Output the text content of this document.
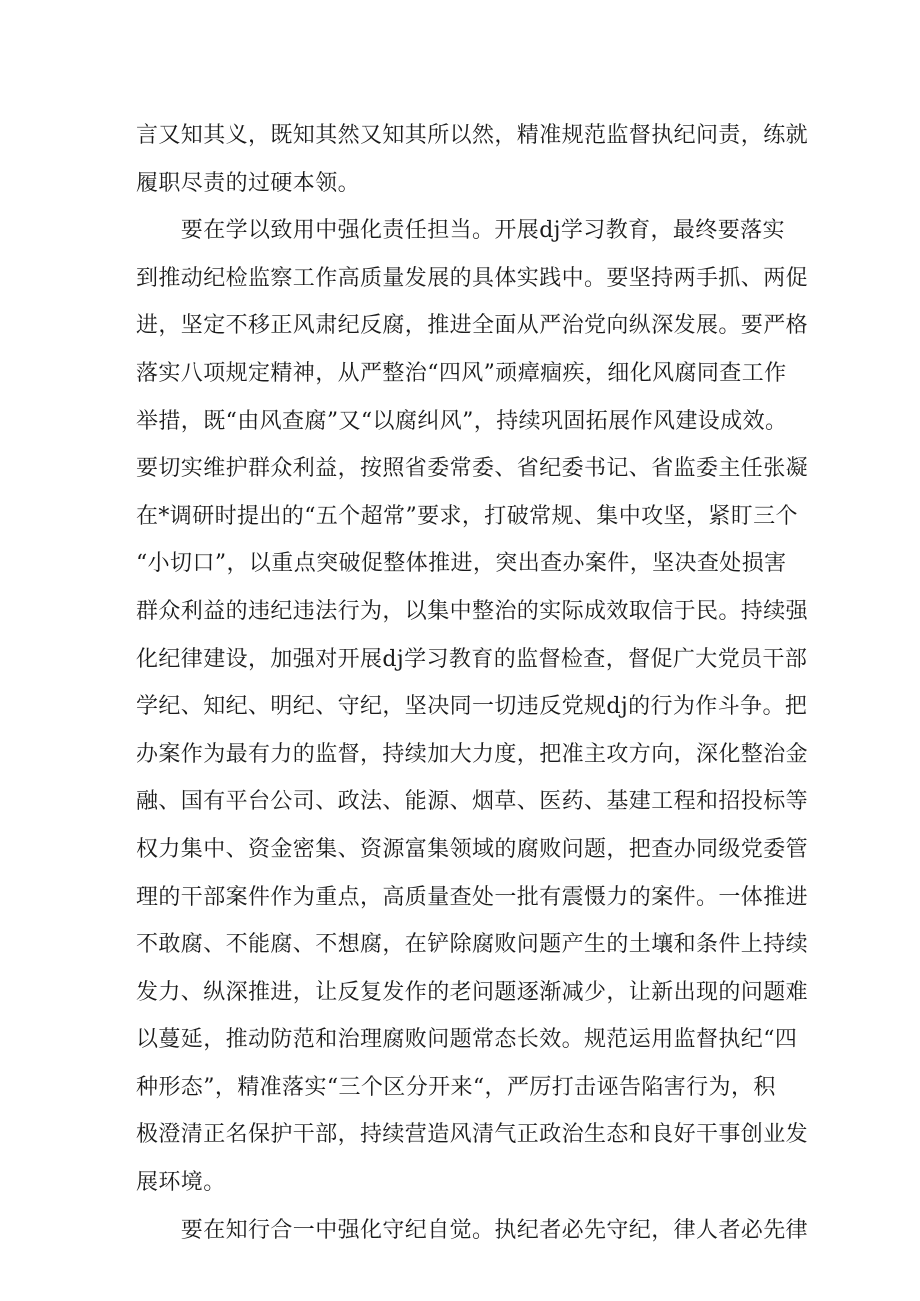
言又知其义，既知其然又知其所以然，精准规范监督执纪问责，练就
履职尽责的过硬本领。
　　要在学以致用中强化责任担当。开展dj学习教育，最终要落实
到推动纪检监察工作高质量发展的具体实践中。要坚持两手抓、两促
进，坚定不移正风肃纪反腐，推进全面从严治党向纵深发展。要严格
落实八项规定精神，从严整治“四风”顽瘴痼疾，细化风腐同查工作
举措，既“由风查腐”又“以腐纠风”，持续巩固拓展作风建设成效。
要切实维护群众利益，按照省委常委、省纪委书记、省监委主任张凝
在*调研时提出的“五个超常”要求，打破常规、集中攻坚，紧盯三个
“小切口”，以重点突破促整体推进，突出查办案件，坚决查处损害
群众利益的违纪违法行为，以集中整治的实际成效取信于民。持续强
化纪律建设，加强对开展dj学习教育的监督检查，督促广大党员干部
学纪、知纪、明纪、守纪，坚决同一切违反党规dj的行为作斗争。把
办案作为最有力的监督，持续加大力度，把准主攻方向，深化整治金
融、国有平台公司、政法、能源、烟草、医药、基建工程和招投标等
权力集中、资金密集、资源富集领域的腐败问题，把查办同级党委管
理的干部案件作为重点，高质量查处一批有震慑力的案件。一体推进
不敢腐、不能腐、不想腐，在铲除腐败问题产生的土壤和条件上持续
发力、纵深推进，让反复发作的老问题逐渐减少，让新出现的问题难
以蔓延，推动防范和治理腐败问题常态长效。规范运用监督执纪“四
种形态”，精准落实“三个区分开来“，严厉打击诬告陷害行为，积
极澄清正名保护干部，持续营造风清气正政治生态和良好干事创业发
展环境。
　　要在知行合一中强化守纪自觉。执纪者必先守纪，律人者必先律
